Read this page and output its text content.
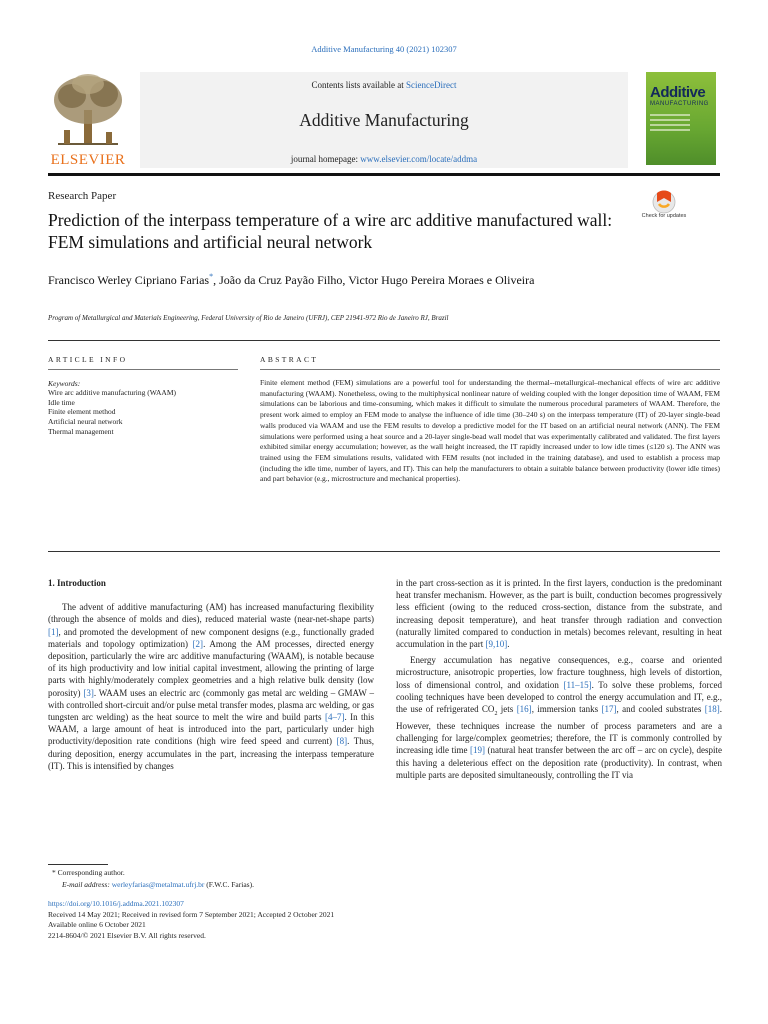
Additive Manufacturing 40 (2021) 102307
ELSEVIER
Contents lists available at ScienceDirect
Additive Manufacturing
journal homepage: www.elsevier.com/locate/addma
Additive
MANUFACTURING
Research Paper
Prediction of the interpass temperature of a wire arc additive manufactured wall: FEM simulations and artificial neural network
Check for updates
Francisco Werley Cipriano Farias*, João da Cruz Payão Filho, Victor Hugo Pereira Moraes e Oliveira
Program of Metallurgical and Materials Engineering, Federal University of Rio de Janeiro (UFRJ), CEP 21941-972 Rio de Janeiro RJ, Brazil
ARTICLE INFO	ABSTRACT
Keywords:
Wire arc additive manufacturing (WAAM)
Idle time
Finite element method
Artificial neural network
Thermal management

Finite element method (FEM) simulations are a powerful tool for understanding the thermal--metallurgical–mechanical effects of wire arc additive manufacturing (WAAM). Nonetheless, owing to the multiphysical nonlinear nature of welding coupled with the longer deposition time of WAAM, FEM simulations can be laborious and time-consuming, which makes it difficult to simulate the numerous procedural parameters of WAAM. Therefore, the present work aimed to employ an FEM mode to analyse the influence of idle time (30–240 s) on the interpass temperature (IT) of 20-layer single-bead walls produced via WAAM and use the FEM results to develop a predictive model for the IT based on an artificial neural network (ANN). The FEM simulations were performed using a heat source and a 20-layer single-bead wall model that was experimentally calibrated and validated. The first layers exhibited similar energy accumulation; however, as the wall height increased, the IT rapidly increased under to low idle times (≤120 s). The ANN was trained using the FEM simulations results, validated with FEM results (not included in the training database), and used to establish a process map (including the idle time, number of layers, and IT). This can help the manufacturers to obtain a suitable balance between productivity (lower idle times) and part behavior (e.g., microstructure and mechanical properties).

1. Introduction

The advent of additive manufacturing (AM) has increased manufacturing flexibility (through the absence of molds and dies), reduced material waste (near-net-shape parts) [1], and promoted the development of new component designs (e.g., functionally graded materials and topology optimization) [2]. Among the AM processes, directed energy deposition, particularly the wire arc additive manufacturing (WAAM), is notable because of its high productivity and low initial capital investment, allowing the printing of large parts with highly/moderately complex geometries and a high relative bulk density (low porosity) [3]. WAAM uses an electric arc (commonly gas metal arc welding – GMAW – with controlled short-circuit and/or pulse metal transfer modes, plasma arc welding, or gas tungsten arc welding) as the heat source to melt the wire and build parts [4–7]. In this WAAM, a large amount of heat is introduced into the part, particularly under high productivity/deposition rate conditions (high wire feed speed and current) [8]. Thus, during deposition, energy accumulates in the part, increasing the interpass temperature (IT). This is intensified by changes

in the part cross-section as it is printed. In the first layers, conduction is the predominant heat transfer mechanism. However, as the part is built, conduction becomes progressively less efficient (owing to the reduced cross-section, distance from the substrate, and increasing deposit temperature), and heat transfer through radiation and convection (naturally limited compared to conduction in metals) becomes relevant, resulting in heat accumulation in the part [9,10].

Energy accumulation has negative consequences, e.g., coarse and oriented microstructure, anisotropic properties, low fracture toughness, high levels of distortion, loss of dimensional control, and oxidation [11–15]. To solve these problems, forced cooling techniques have been developed to control the energy accumulation and IT, e.g., the use of refrigerated $CO_2$ jets [16], immersion tanks [17], and cooled substrates [18]. However, these techniques increase the number of process parameters and are a challenging for large/complex geometries; therefore, the IT is commonly controlled by increasing idle time [19] (natural heat transfer between the arc off – arc on cycle), despite this having a deleterious effect on the deposition rate (productivity). In contrast, when multiple parts are deposited simultaneously, controlling the IT via

* Corresponding author.
E-mail address: werleyfarias@metalmat.ufrj.br (F.W.C. Farias).
https://doi.org/10.1016/j.addma.2021.102307
Received 14 May 2021; Received in revised form 7 September 2021; Accepted 2 October 2021
Available online 6 October 2021
2214-8604/© 2021 Elsevier B.V. All rights reserved.
